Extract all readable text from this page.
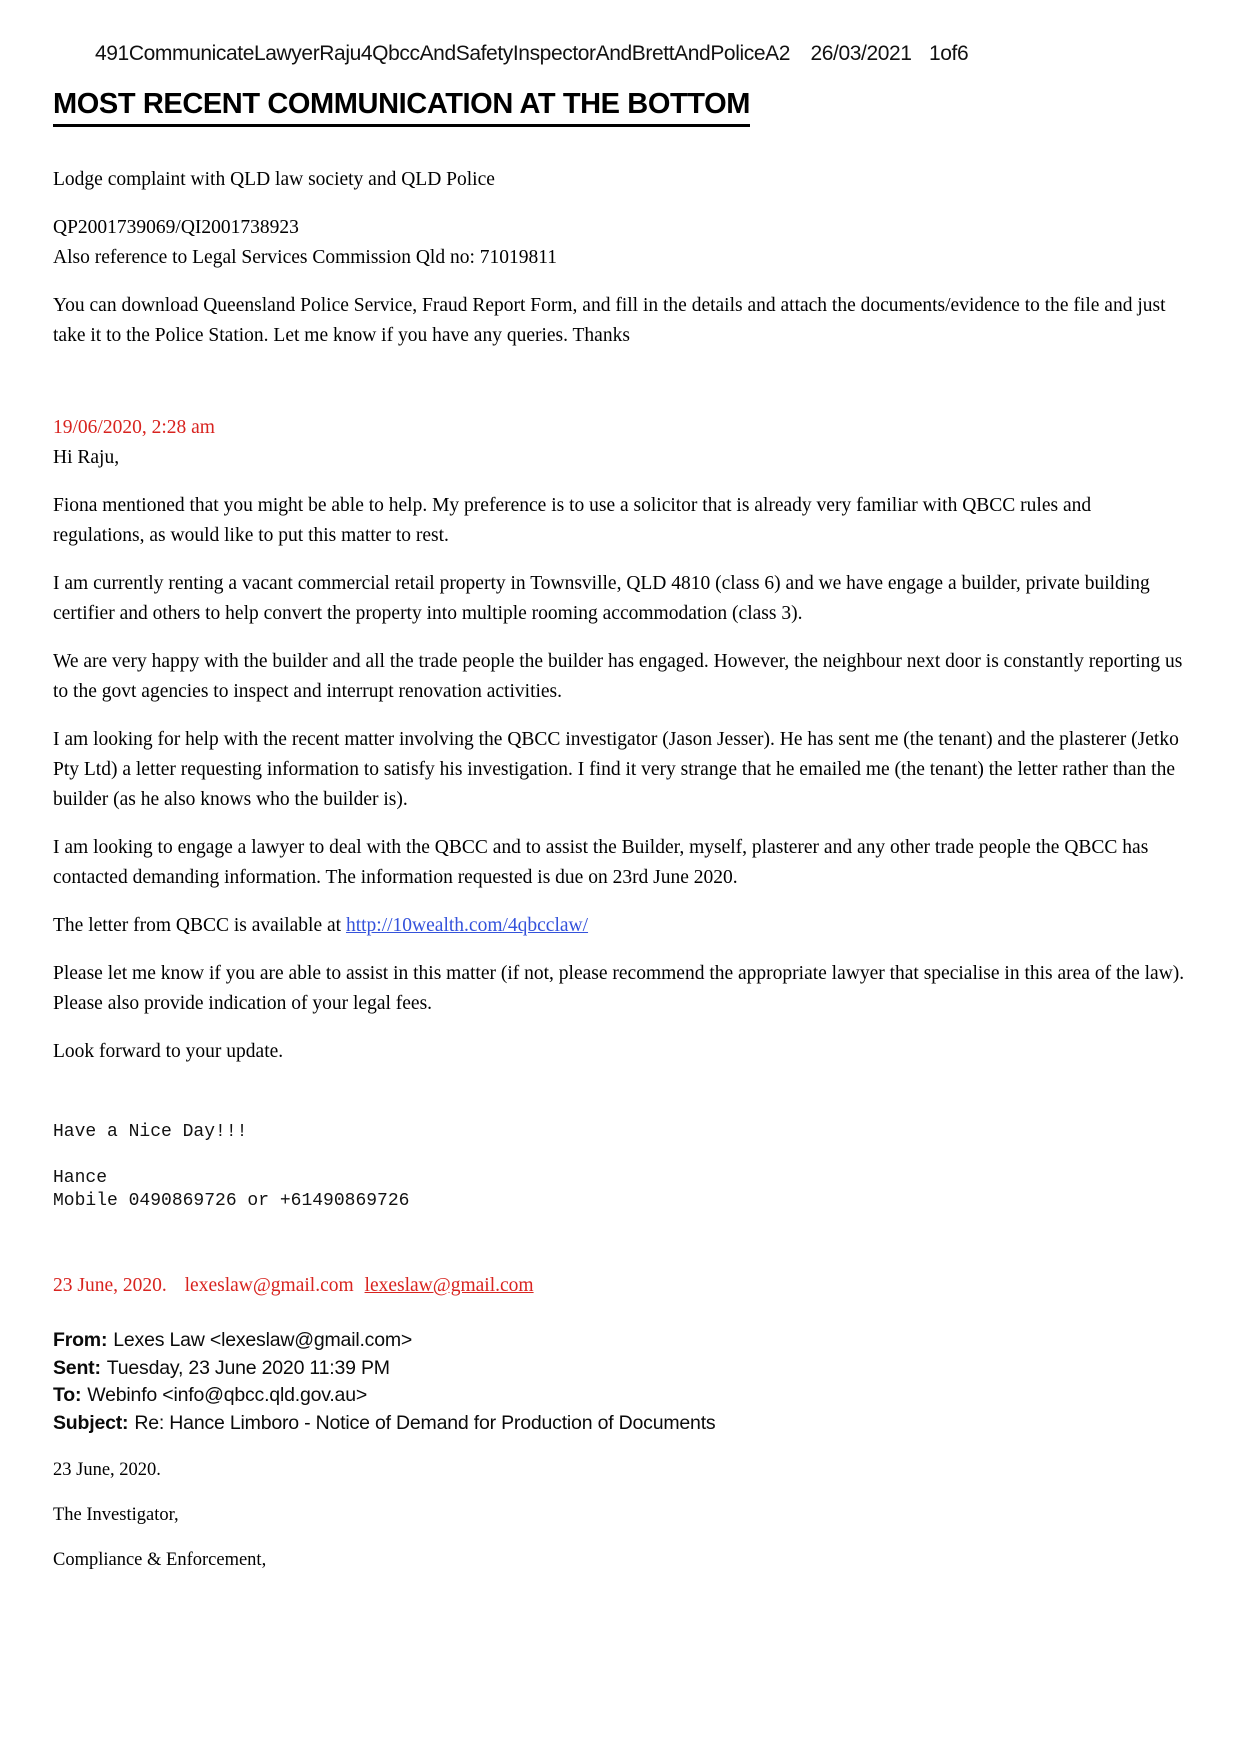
491CommunicateLawyerRaju4QbccAndSafetyInspectorAndBrettAndPoliceA2 26/03/2021 1of6
MOST RECENT COMMUNICATION AT THE BOTTOM

Lodge complaint with QLD law society and QLD Police

QP2001739069/QI2001738923
Also reference to Legal Services Commission Qld no: 71019811

You can download Queensland Police Service, Fraud Report Form, and fill in the details and attach the documents/evidence to the file and just take it to the Police Station. Let me know if you have any queries. Thanks

19/06/2020, 2:28 am
Hi Raju,

Fiona mentioned that you might be able to help. My preference is to use a solicitor that is already very familiar with QBCC rules and regulations, as would like to put this matter to rest.

I am currently renting a vacant commercial retail property in Townsville, QLD 4810 (class 6) and we have engage a builder, private building certifier and others to help convert the property into multiple rooming accommodation (class 3).

We are very happy with the builder and all the trade people the builder has engaged. However, the neighbour next door is constantly reporting us to the govt agencies to inspect and interrupt renovation activities.

I am looking for help with the recent matter involving the QBCC investigator (Jason Jesser). He has sent me (the tenant) and the plasterer (Jetko Pty Ltd) a letter requesting information to satisfy his investigation. I find it very strange that he emailed me (the tenant) the letter rather than the builder (as he also knows who the builder is).

I am looking to engage a lawyer to deal with the QBCC and to assist the Builder, myself, plasterer and any other trade people the QBCC has contacted demanding information. The information requested is due on 23rd June 2020.

The letter from QBCC is available at http://10wealth.com/4qbcclaw/

Please let me know if you are able to assist in this matter (if not, please recommend the appropriate lawyer that specialise in this area of the law). Please also provide indication of your legal fees.

Look forward to your update.

Have a Nice Day!!!
Hance
Mobile 0490869726 or +61490869726

23 June, 2020. lexeslaw@gmail.com lexeslaw@gmail.com

From: Lexes Law <lexeslaw@gmail.com>
Sent: Tuesday, 23 June 2020 11:39 PM
To: Webinfo <info@qbcc.qld.gov.au>
Subject: Re: Hance Limboro - Notice of Demand for Production of Documents

23 June, 2020.

The Investigator,

Compliance & Enforcement,
